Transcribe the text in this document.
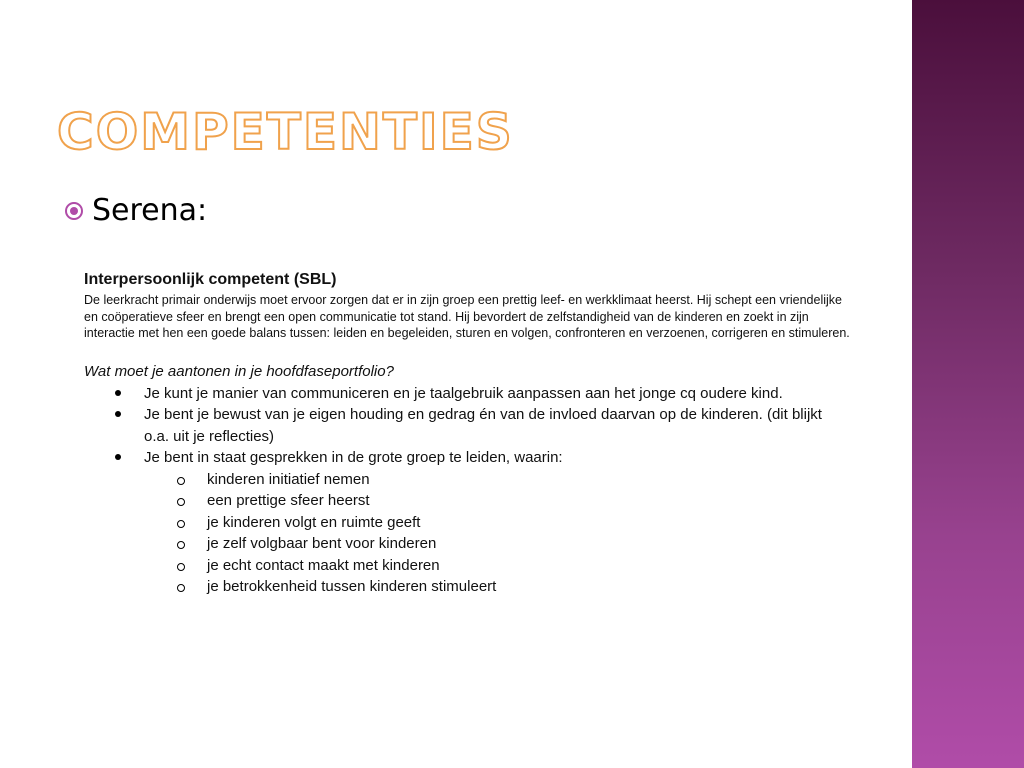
COMPETENTIES
Serena:

Interpersoonlijk competent (SBL)

De leerkracht primair onderwijs moet ervoor zorgen dat er in zijn groep een prettig leef- en werkklimaat heerst. Hij schept een vriendelijke en coöperatieve sfeer en brengt een open communicatie tot stand. Hij bevordert de zelfstandigheid van de kinderen en zoekt in zijn interactie met hen een goede balans tussen: leiden en begeleiden, sturen en volgen, confronteren en verzoenen, corrigeren en stimuleren.

Wat moet je aantonen in je hoofdfaseportfolio?

Je kunt je manier van communiceren en je taalgebruik aanpassen aan het jonge cq oudere kind.
Je bent je bewust van je eigen houding en gedrag én van de invloed daarvan op de kinderen. (dit blijkt o.a. uit je reflecties)
Je bent in staat gesprekken in de grote groep te leiden, waarin:
kinderen initiatief nemen
een prettige sfeer heerst
je kinderen volgt en ruimte geeft
je zelf volgbaar bent voor kinderen
je echt contact maakt met kinderen
je betrokkenheid tussen kinderen stimuleert
